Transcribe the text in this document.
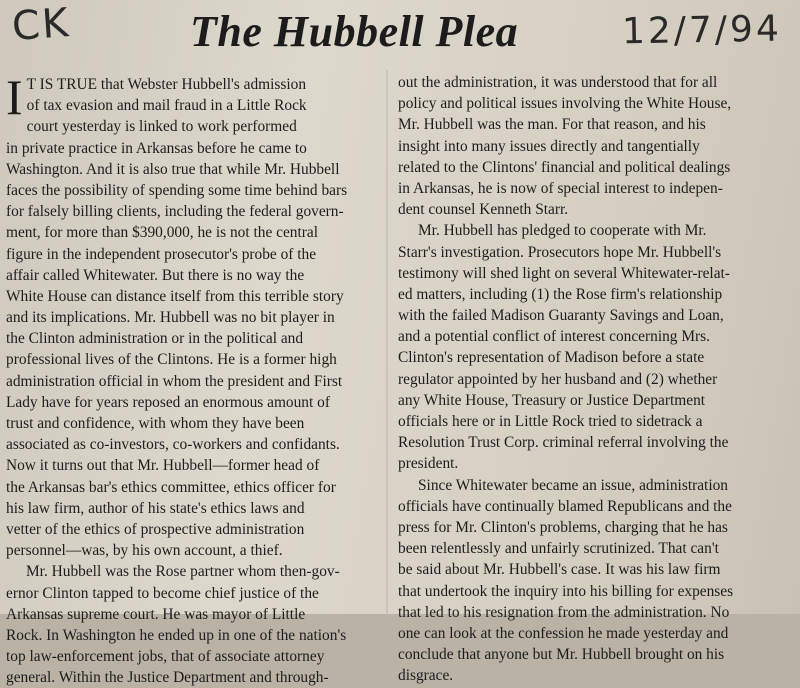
CK	The Hubbell Plea	12/7/94
I T IS TRUE that Webster Hubbell's admission
of tax evasion and mail fraud in a Little Rock
court yesterday is linked to work performed
in private practice in Arkansas before he came to
Washington. And it is also true that while Mr. Hubbell
faces the possibility of spending some time behind bars
for falsely billing clients, including the federal govern-
ment, for more than $390,000, he is not the central
figure in the independent prosecutor's probe of the
affair called Whitewater. But there is no way the
White House can distance itself from this terrible story
and its implications. Mr. Hubbell was no bit player in
the Clinton administration or in the political and
professional lives of the Clintons. He is a former high
administration official in whom the president and First
Lady have for years reposed an enormous amount of
trust and confidence, with whom they have been
associated as co-investors, co-workers and confidants.
Now it turns out that Mr. Hubbell—former head of
the Arkansas bar's ethics committee, ethics officer for
his law firm, author of his state's ethics laws and
vetter of the ethics of prospective administration
personnel—was, by his own account, a thief.
Mr. Hubbell was the Rose partner whom then-gov-
ernor Clinton tapped to become chief justice of the
Arkansas supreme court. He was mayor of Little
Rock. In Washington he ended up in one of the nation's
top law-enforcement jobs, that of associate attorney
general. Within the Justice Department and through-
out the administration, it was understood that for all
policy and political issues involving the White House,
Mr. Hubbell was the man. For that reason, and his
insight into many issues directly and tangentially
related to the Clintons' financial and political dealings
in Arkansas, he is now of special interest to indepen-
dent counsel Kenneth Starr.
Mr. Hubbell has pledged to cooperate with Mr.
Starr's investigation. Prosecutors hope Mr. Hubbell's
testimony will shed light on several Whitewater-relat-
ed matters, including (1) the Rose firm's relationship
with the failed Madison Guaranty Savings and Loan,
and a potential conflict of interest concerning Mrs.
Clinton's representation of Madison before a state
regulator appointed by her husband and (2) whether
any White House, Treasury or Justice Department
officials here or in Little Rock tried to sidetrack a
Resolution Trust Corp. criminal referral involving the
president.
Since Whitewater became an issue, administration
officials have continually blamed Republicans and the
press for Mr. Clinton's problems, charging that he has
been relentlessly and unfairly scrutinized. That can't
be said about Mr. Hubbell's case. It was his law firm
that undertook the inquiry into his billing for expenses
that led to his resignation from the administration. No
one can look at the confession he made yesterday and
conclude that anyone but Mr. Hubbell brought on his
disgrace.
